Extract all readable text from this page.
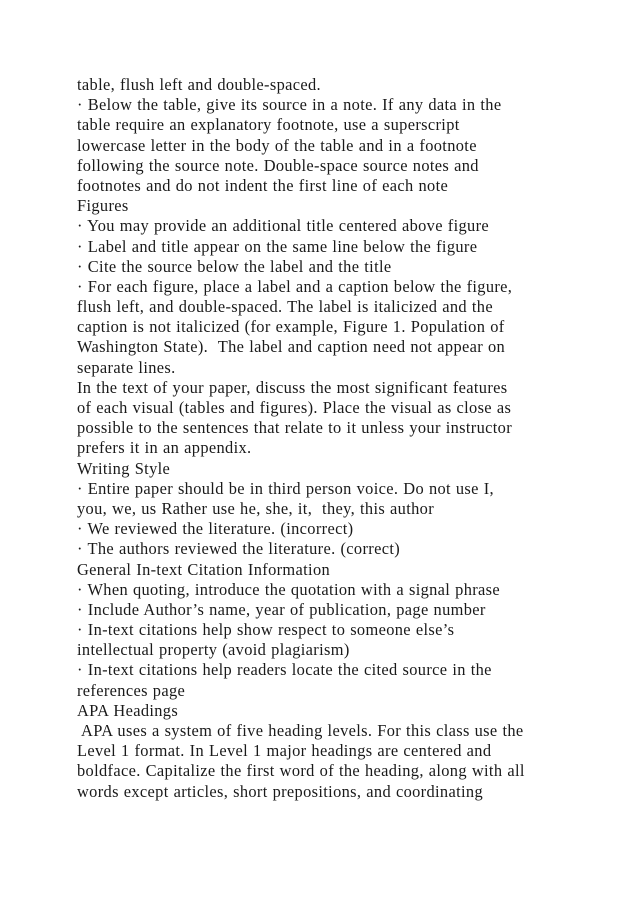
table, flush left and double-spaced.
· Below the table, give its source in a note. If any data in the
table require an explanatory footnote, use a superscript
lowercase letter in the body of the table and in a footnote
following the source note. Double-space source notes and
footnotes and do not indent the first line of each note
Figures
· You may provide an additional title centered above figure
· Label and title appear on the same line below the figure
· Cite the source below the label and the title
· For each figure, place a label and a caption below the figure,
flush left, and double-spaced. The label is italicized and the
caption is not italicized (for example, Figure 1. Population of
Washington State).  The label and caption need not appear on
separate lines.
In the text of your paper, discuss the most significant features
of each visual (tables and figures). Place the visual as close as
possible to the sentences that relate to it unless your instructor
prefers it in an appendix.
Writing Style
· Entire paper should be in third person voice. Do not use I,
you, we, us Rather use he, she, it,  they, this author
· We reviewed the literature. (incorrect)
· The authors reviewed the literature. (correct)
General In-text Citation Information
· When quoting, introduce the quotation with a signal phrase
· Include Author’s name, year of publication, page number
· In-text citations help show respect to someone else’s
intellectual property (avoid plagiarism)
· In-text citations help readers locate the cited source in the
references page
APA Headings
APA uses a system of five heading levels. For this class use the
Level 1 format. In Level 1 major headings are centered and
boldface. Capitalize the first word of the heading, along with all
words except articles, short prepositions, and coordinating
